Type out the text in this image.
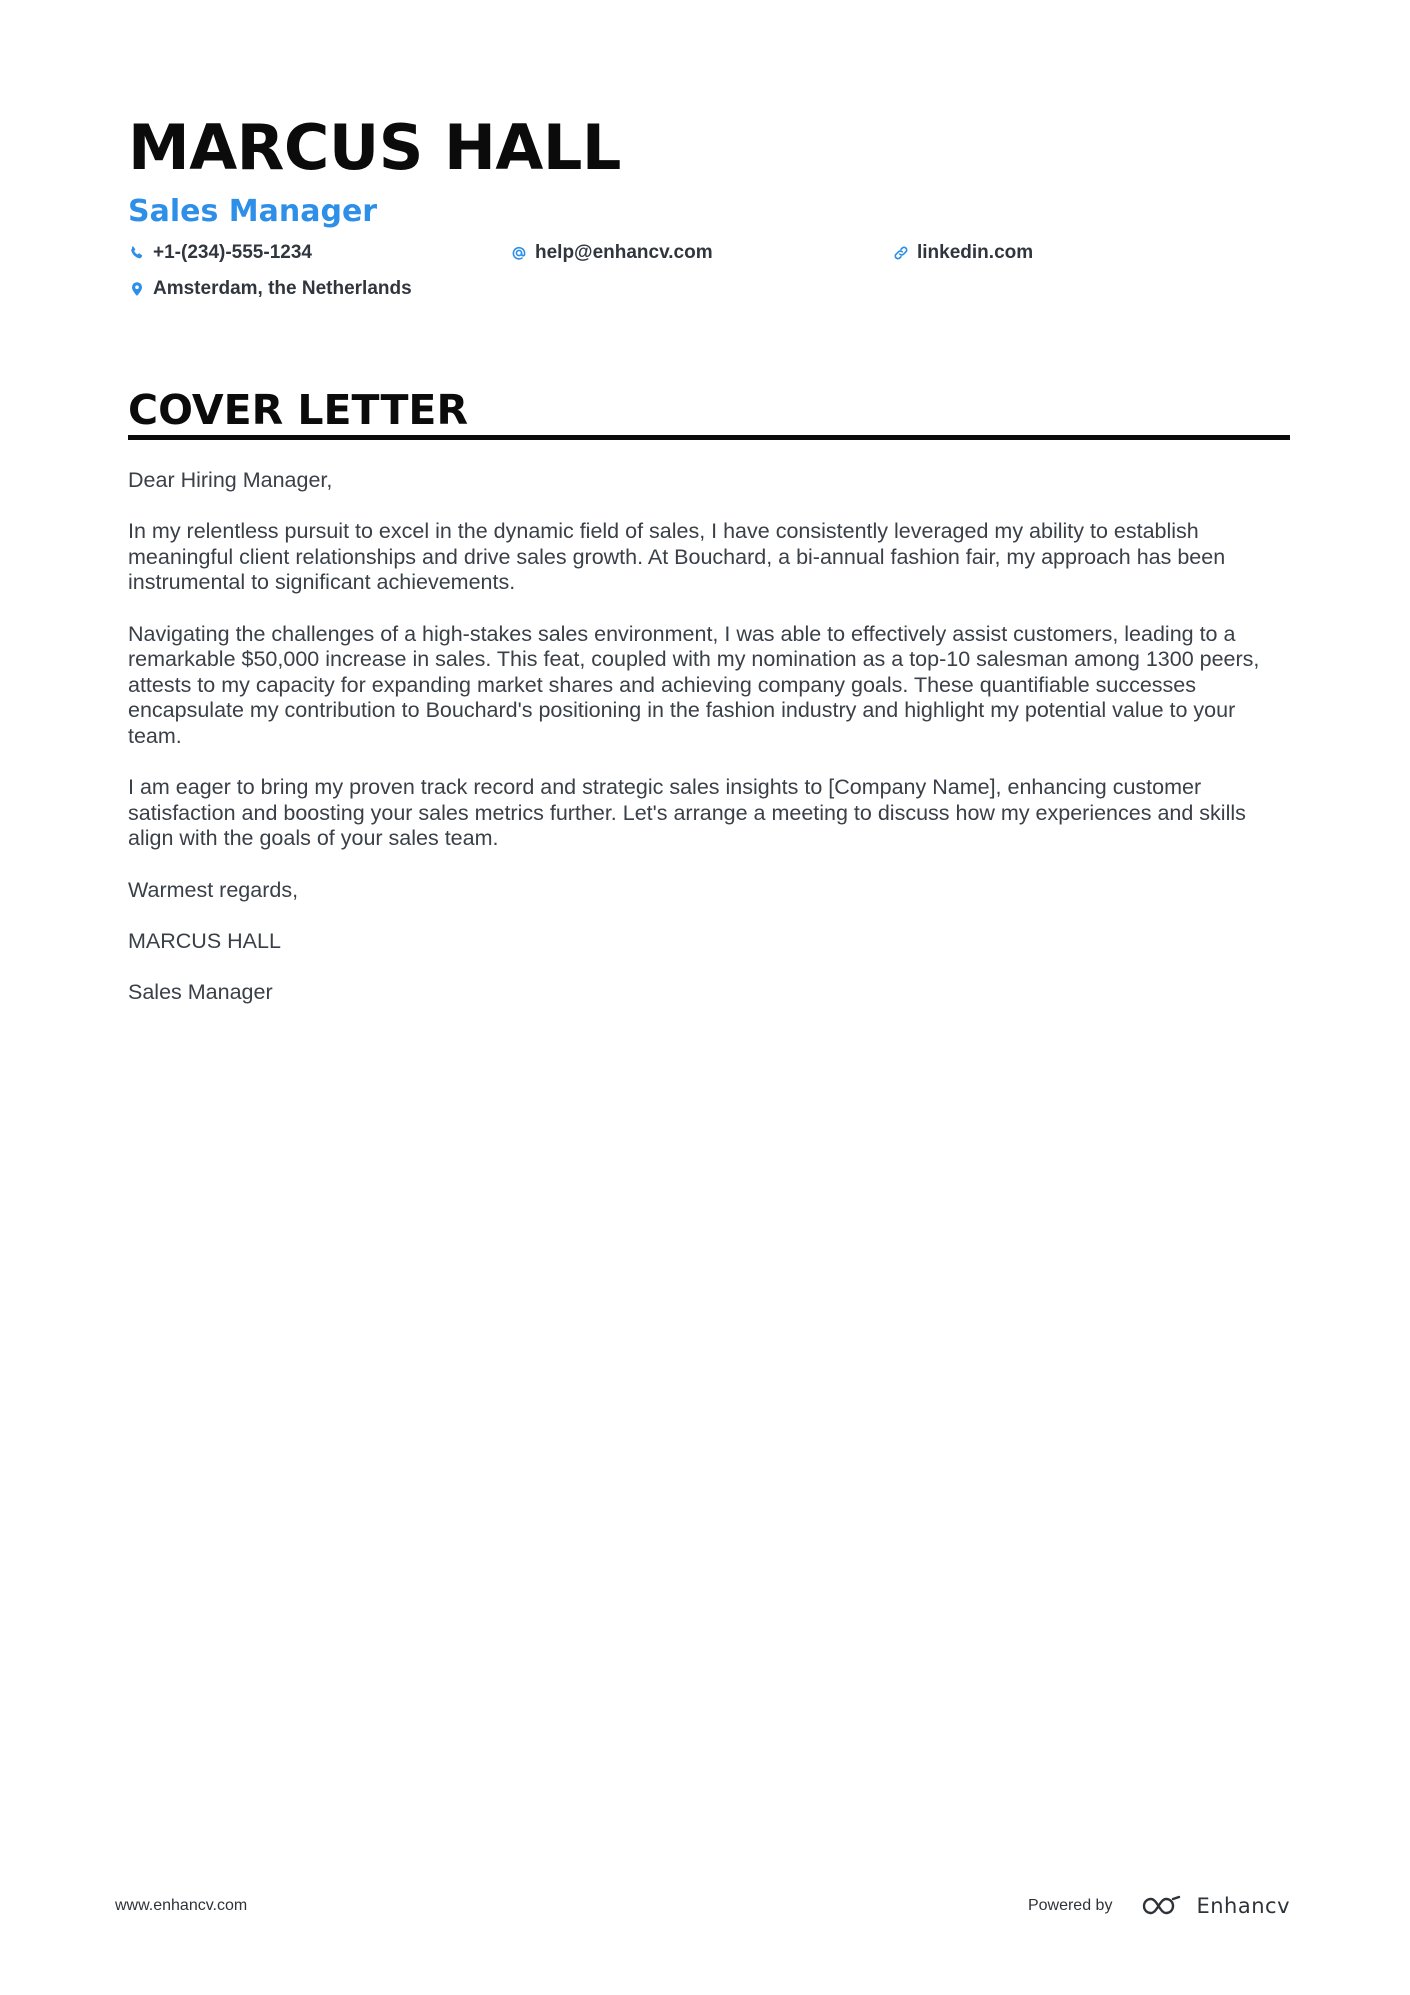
MARCUS HALL
Sales Manager
+1-(234)-555-1234	help@enhancv.com	linkedin.com
Amsterdam, the Netherlands
COVER LETTER

Dear Hiring Manager,

In my relentless pursuit to excel in the dynamic field of sales, I have consistently leveraged my ability to establish meaningful client relationships and drive sales growth. At Bouchard, a bi-annual fashion fair, my approach has been instrumental to significant achievements.

Navigating the challenges of a high-stakes sales environment, I was able to effectively assist customers, leading to a remarkable $50,000 increase in sales. This feat, coupled with my nomination as a top-10 salesman among 1300 peers, attests to my capacity for expanding market shares and achieving company goals. These quantifiable successes encapsulate my contribution to Bouchard's positioning in the fashion industry and highlight my potential value to your team.

I am eager to bring my proven track record and strategic sales insights to [Company Name], enhancing customer satisfaction and boosting your sales metrics further. Let's arrange a meeting to discuss how my experiences and skills align with the goals of your sales team.

Warmest regards,

MARCUS HALL

Sales Manager

www.enhancv.com	Powered by	Enhancv
